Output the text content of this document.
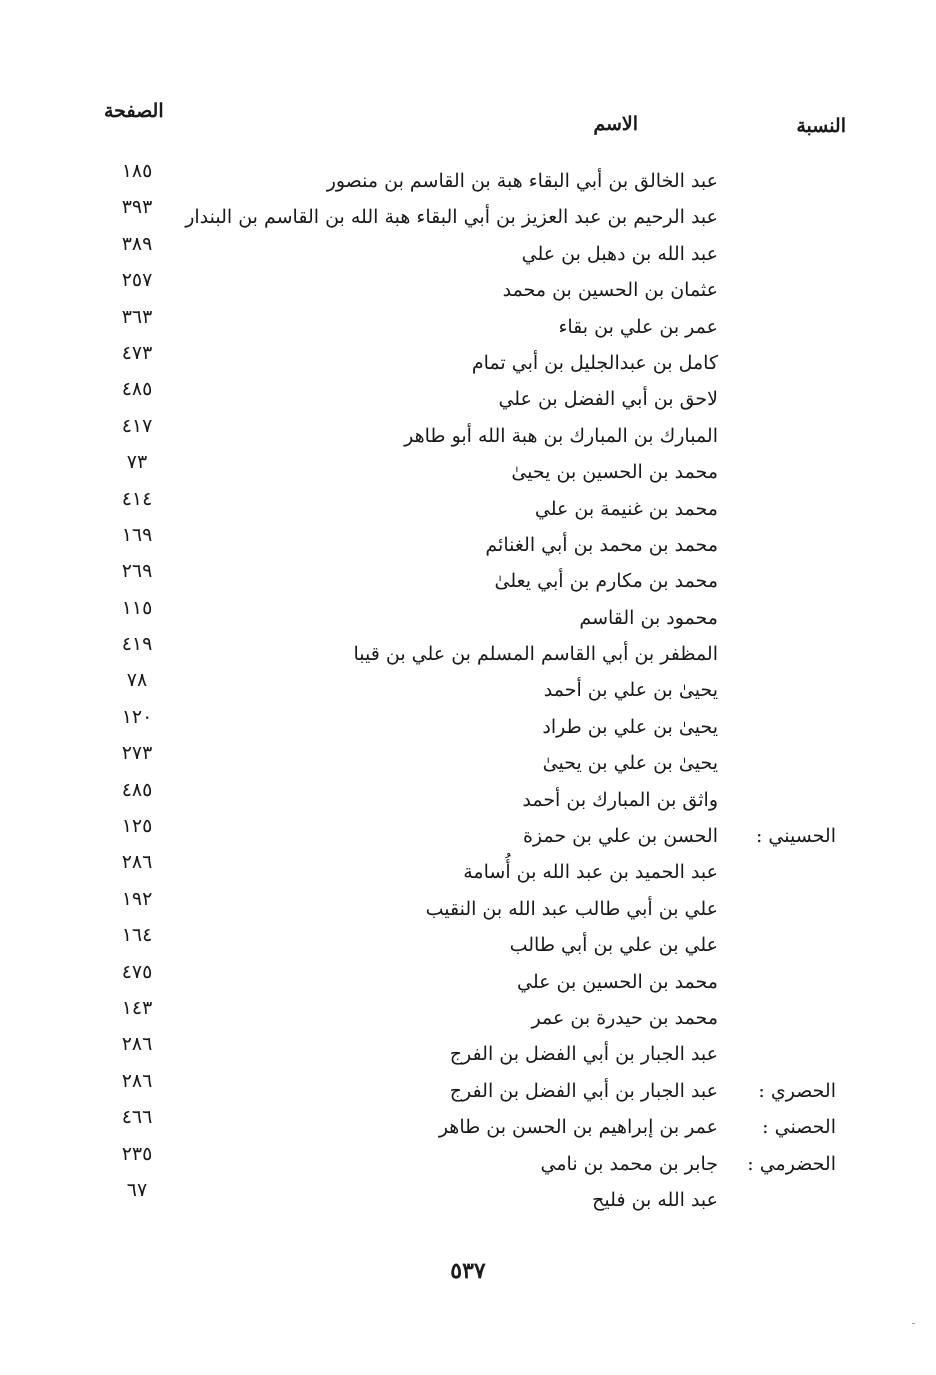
النسبة
الاسم
الصفحة
عبد الخالق بن أبي البقاء هبة بن القاسم بن منصور
١٨٥
عبد الرحيم بن عبد العزيز بن أبي البقاء هبة الله بن القاسم بن البندار
٣٩٣
عبد الله بن دهبل بن علي
٣٨٩
عثمان بن الحسين بن محمد
٢٥٧
عمر بن علي بن بقاء
٣٦٣
كامل بن عبدالجليل بن أبي تمام
٤٧٣
لاحق بن أبي الفضل بن علي
٤٨٥
المبارك بن المبارك بن هبة الله أبو طاهر
٤١٧
محمد بن الحسين بن يحيىٰ
٧٣
محمد بن غنيمة بن علي
٤١٤
محمد بن محمد بن أبي الغنائم
١٦٩
محمد بن مكارم بن أبي يعلىٰ
٢٦٩
محمود بن القاسم
١١٥
المظفر بن أبي القاسم المسلم بن علي بن قيبا
٤١٩
يحيىٰ بن علي بن أحمد
٧٨
يحيىٰ بن علي بن طراد
١٢٠
يحيىٰ بن علي بن يحيىٰ
٢٧٣
واثق بن المبارك بن أحمد
٤٨٥
الحسيني :
الحسن بن علي بن حمزة
١٢٥
عبد الحميد بن عبد الله بن أُسامة
٢٨٦
علي بن أبي طالب عبد الله بن النقيب
١٩٢
علي بن علي بن أبي طالب
١٦٤
محمد بن الحسين بن علي
٤٧٥
محمد بن حيدرة بن عمر
١٤٣
عبد الجبار بن أبي الفضل بن الفرج
٢٨٦
الحصري :
عبد الجبار بن أبي الفضل بن الفرج
٢٨٦
الحصني :
عمر بن إبراهيم بن الحسن بن طاهر
٤٦٦
الحضرمي :
جابر بن محمد بن نامي
٢٣٥
عبد الله بن فليح
٦٧
٥٣٧
